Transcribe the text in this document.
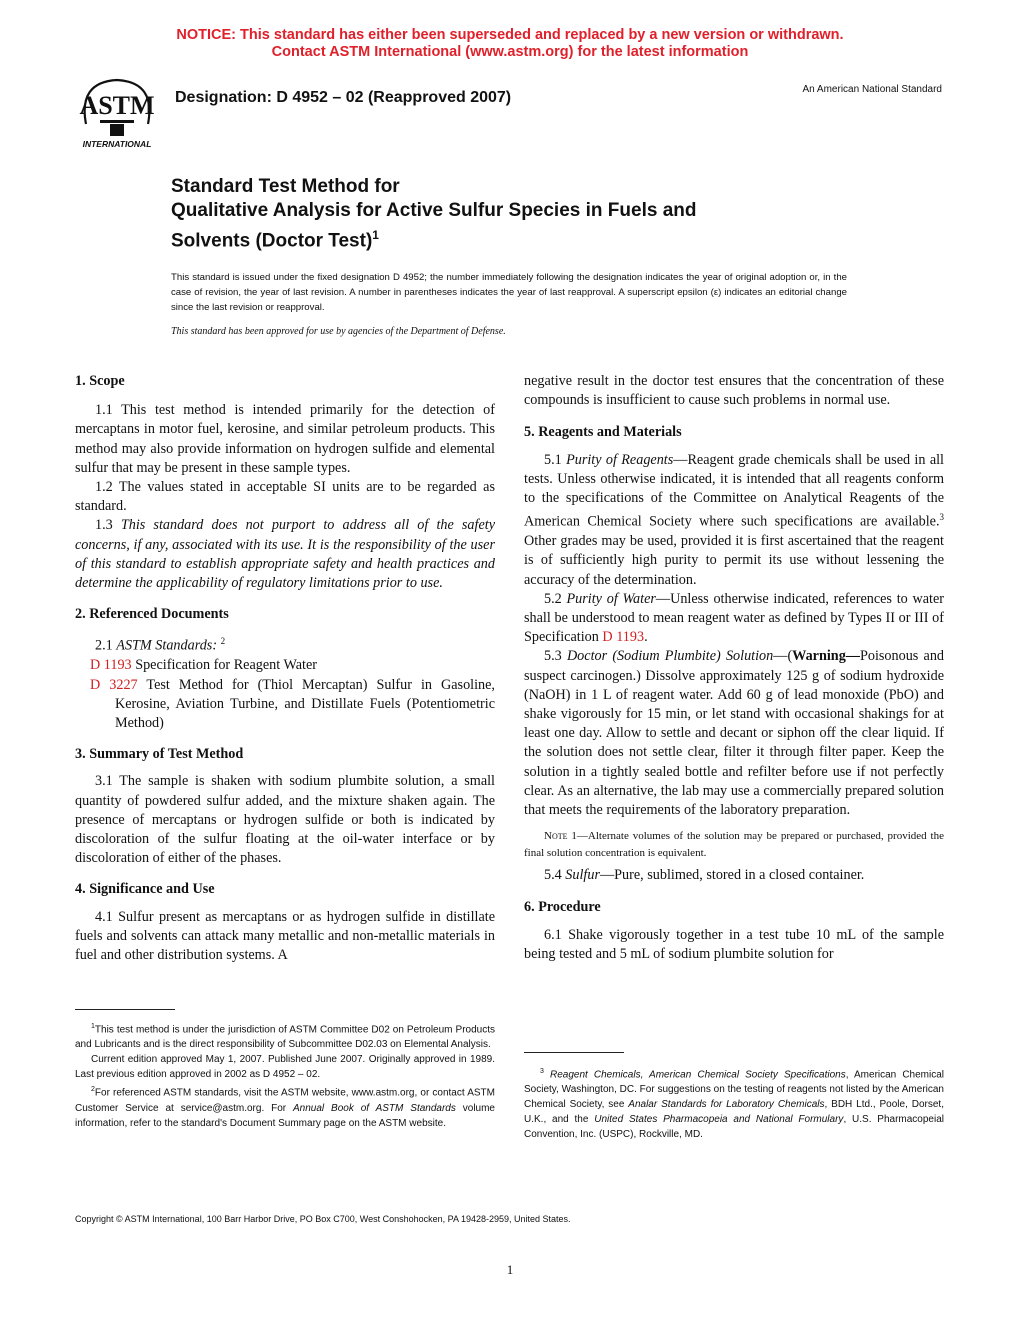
NOTICE: This standard has either been superseded and replaced by a new version or withdrawn.
Contact ASTM International (www.astm.org) for the latest information
ASTM
INTERNATIONAL
Designation: D 4952 – 02 (Reapproved 2007)	An American National Standard
Standard Test Method for
Qualitative Analysis for Active Sulfur Species in Fuels and
Solvents (Doctor Test)$^1$
This standard is issued under the fixed designation D 4952; the number immediately following the designation indicates the year of original adoption or, in the case of revision, the year of last revision. A number in parentheses indicates the year of last reapproval. A superscript epsilon (ε) indicates an editorial change since the last revision or reapproval.
This standard has been approved for use by agencies of the Department of Defense.
1. Scope

1.1 This test method is intended primarily for the detection of mercaptans in motor fuel, kerosine, and similar petroleum products. This method may also provide information on hydrogen sulfide and elemental sulfur that may be present in these sample types.

1.2 The values stated in acceptable SI units are to be regarded as standard.

1.3 This standard does not purport to address all of the safety concerns, if any, associated with its use. It is the responsibility of the user of this standard to establish appropriate safety and health practices and determine the applicability of regulatory limitations prior to use.

2. Referenced Documents

2.1 ASTM Standards: $^2$

D 1193 Specification for Reagent Water

D 3227 Test Method for (Thiol Mercaptan) Sulfur in Gasoline, Kerosine, Aviation Turbine, and Distillate Fuels (Potentiometric Method)

3. Summary of Test Method

3.1 The sample is shaken with sodium plumbite solution, a small quantity of powdered sulfur added, and the mixture shaken again. The presence of mercaptans or hydrogen sulfide or both is indicated by discoloration of the sulfur floating at the oil-water interface or by discoloration of either of the phases.

4. Significance and Use

4.1 Sulfur present as mercaptans or as hydrogen sulfide in distillate fuels and solvents can attack many metallic and non-metallic materials in fuel and other distribution systems. A

negative result in the doctor test ensures that the concentration of these compounds is insufficient to cause such problems in normal use.

5. Reagents and Materials

5.1 Purity of Reagents—Reagent grade chemicals shall be used in all tests. Unless otherwise indicated, it is intended that all reagents conform to the specifications of the Committee on Analytical Reagents of the American Chemical Society where such specifications are available.$^3$ Other grades may be used, provided it is first ascertained that the reagent is of sufficiently high purity to permit its use without lessening the accuracy of the determination.

5.2 Purity of Water—Unless otherwise indicated, references to water shall be understood to mean reagent water as defined by Types II or III of Specification D 1193.

5.3 Doctor (Sodium Plumbite) Solution—(Warning—Poisonous and suspect carcinogen.) Dissolve approximately 125 g of sodium hydroxide (NaOH) in 1 L of reagent water. Add 60 g of lead monoxide (PbO) and shake vigorously for 15 min, or let stand with occasional shakings for at least one day. Allow to settle and decant or siphon off the clear liquid. If the solution does not settle clear, filter it through filter paper. Keep the solution in a tightly sealed bottle and refilter before use if not perfectly clear. As an alternative, the lab may use a commercially prepared solution that meets the requirements of the laboratory preparation.

Note 1—Alternate volumes of the solution may be prepared or purchased, provided the final solution concentration is equivalent.

5.4 Sulfur—Pure, sublimed, stored in a closed container.

6. Procedure

6.1 Shake vigorously together in a test tube 10 mL of the sample being tested and 5 mL of sodium plumbite solution for

$^1$This test method is under the jurisdiction of ASTM Committee D02 on Petroleum Products and Lubricants and is the direct responsibility of Subcommittee D02.03 on Elemental Analysis.

Current edition approved May 1, 2007. Published June 2007. Originally approved in 1989. Last previous edition approved in 2002 as D 4952 – 02.

$^2$For referenced ASTM standards, visit the ASTM website, www.astm.org, or contact ASTM Customer Service at service@astm.org. For Annual Book of ASTM Standards volume information, refer to the standard's Document Summary page on the ASTM website.

$^3$ Reagent Chemicals, American Chemical Society Specifications, American Chemical Society, Washington, DC. For suggestions on the testing of reagents not listed by the American Chemical Society, see Analar Standards for Laboratory Chemicals, BDH Ltd., Poole, Dorset, U.K., and the United States Pharmacopeia and National Formulary, U.S. Pharmacopeial Convention, Inc. (USPC), Rockville, MD.

Copyright © ASTM International, 100 Barr Harbor Drive, PO Box C700, West Conshohocken, PA 19428-2959, United States.
1
